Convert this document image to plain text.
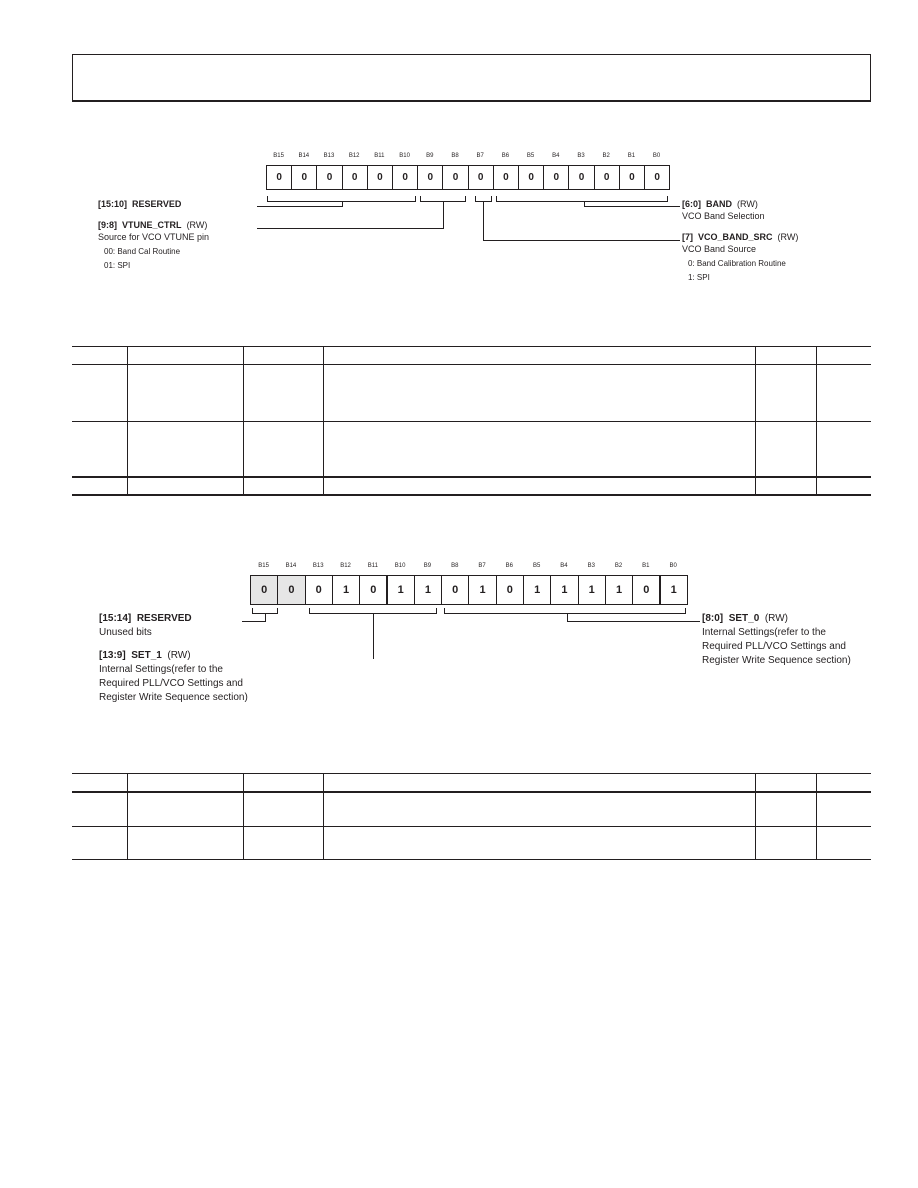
B15	B14	B13	B12	B11	B10	B9	B8	B7	B6	B5	B4	B3	B2	B1	B0
0	0	0	0	0	0	0	0	0	0	0	0	0	0	0	0
[15:10] RESERVED
[9:8] VTUNE_CTRL (RW)
Source for VCO VTUNE pin
00: Band Cal Routine
01: SPI
[6:0] BAND (RW)
VCO Band Selection
[7] VCO_BAND_SRC (RW)
VCO Band Source
0: Band Calibration Routine
1: SPI
B15	B14	B13	B12	B11	B10	B9	B8	B7	B6	B5	B4	B3	B2	B1	B0
0	0	0	1	0	1	1	0	1	0	1	1	1	1	0	1
[15:14] RESERVED
Unused bits
[13:9] SET_1 (RW)
Internal Settings(refer to the
Required PLL/VCO Settings and
Register Write Sequence section)
[8:0] SET_0 (RW)
Internal Settings(refer to the
Required PLL/VCO Settings and
Register Write Sequence section)
